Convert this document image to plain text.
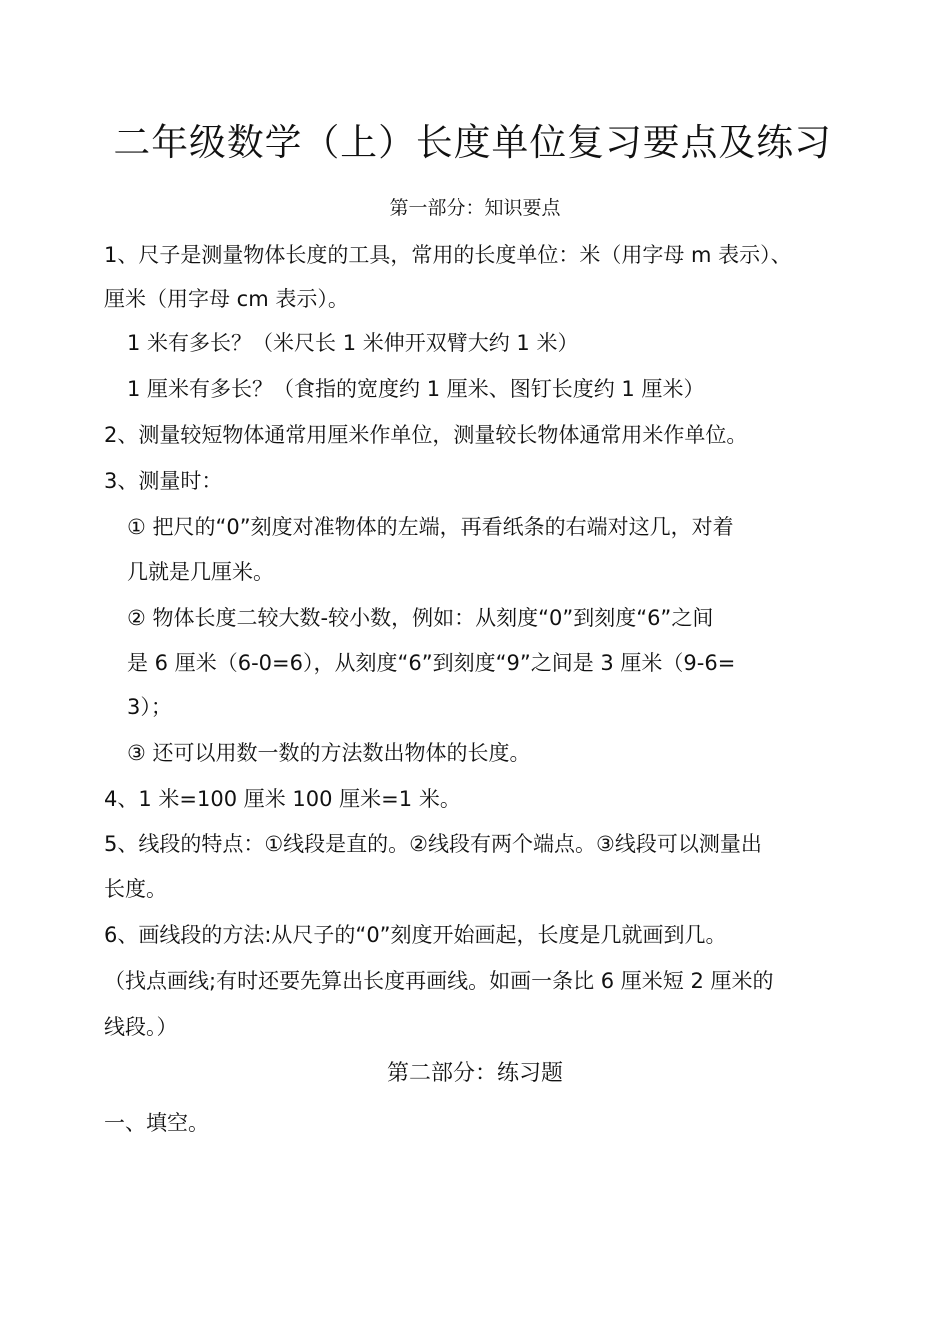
二年级数学（上）长度单位复习要点及练习
第一部分：知识要点
1、尺子是测量物体长度的工具，常用的长度单位：米（用字母 m 表示）、
厘米（用字母 cm 表示）。
1 米有多长？（米尺长 1 米伸开双臂大约 1 米）
1 厘米有多长？（食指的宽度约 1 厘米、图钉长度约 1 厘米）
2、测量较短物体通常用厘米作单位，测量较长物体通常用米作单位。
3、测量时：
① 把尺的“0”刻度对准物体的左端，再看纸条的右端对这几，对着
几就是几厘米。
② 物体长度二较大数-较小数，例如：从刻度“0”到刻度“6”之间
是 6 厘米（6-0=6），从刻度“6”到刻度“9”之间是 3 厘米（9-6=
3）；
③ 还可以用数一数的方法数出物体的长度。
4、1 米=100 厘米 100 厘米=1 米。
5、线段的特点：①线段是直的。②线段有两个端点。③线段可以测量出
长度。
6、画线段的方法:从尺子的“0”刻度开始画起，长度是几就画到几。
（找点画线;有时还要先算出长度再画线。如画一条比 6 厘米短 2 厘米的
线段。）
第二部分：练习题
一、填空。
